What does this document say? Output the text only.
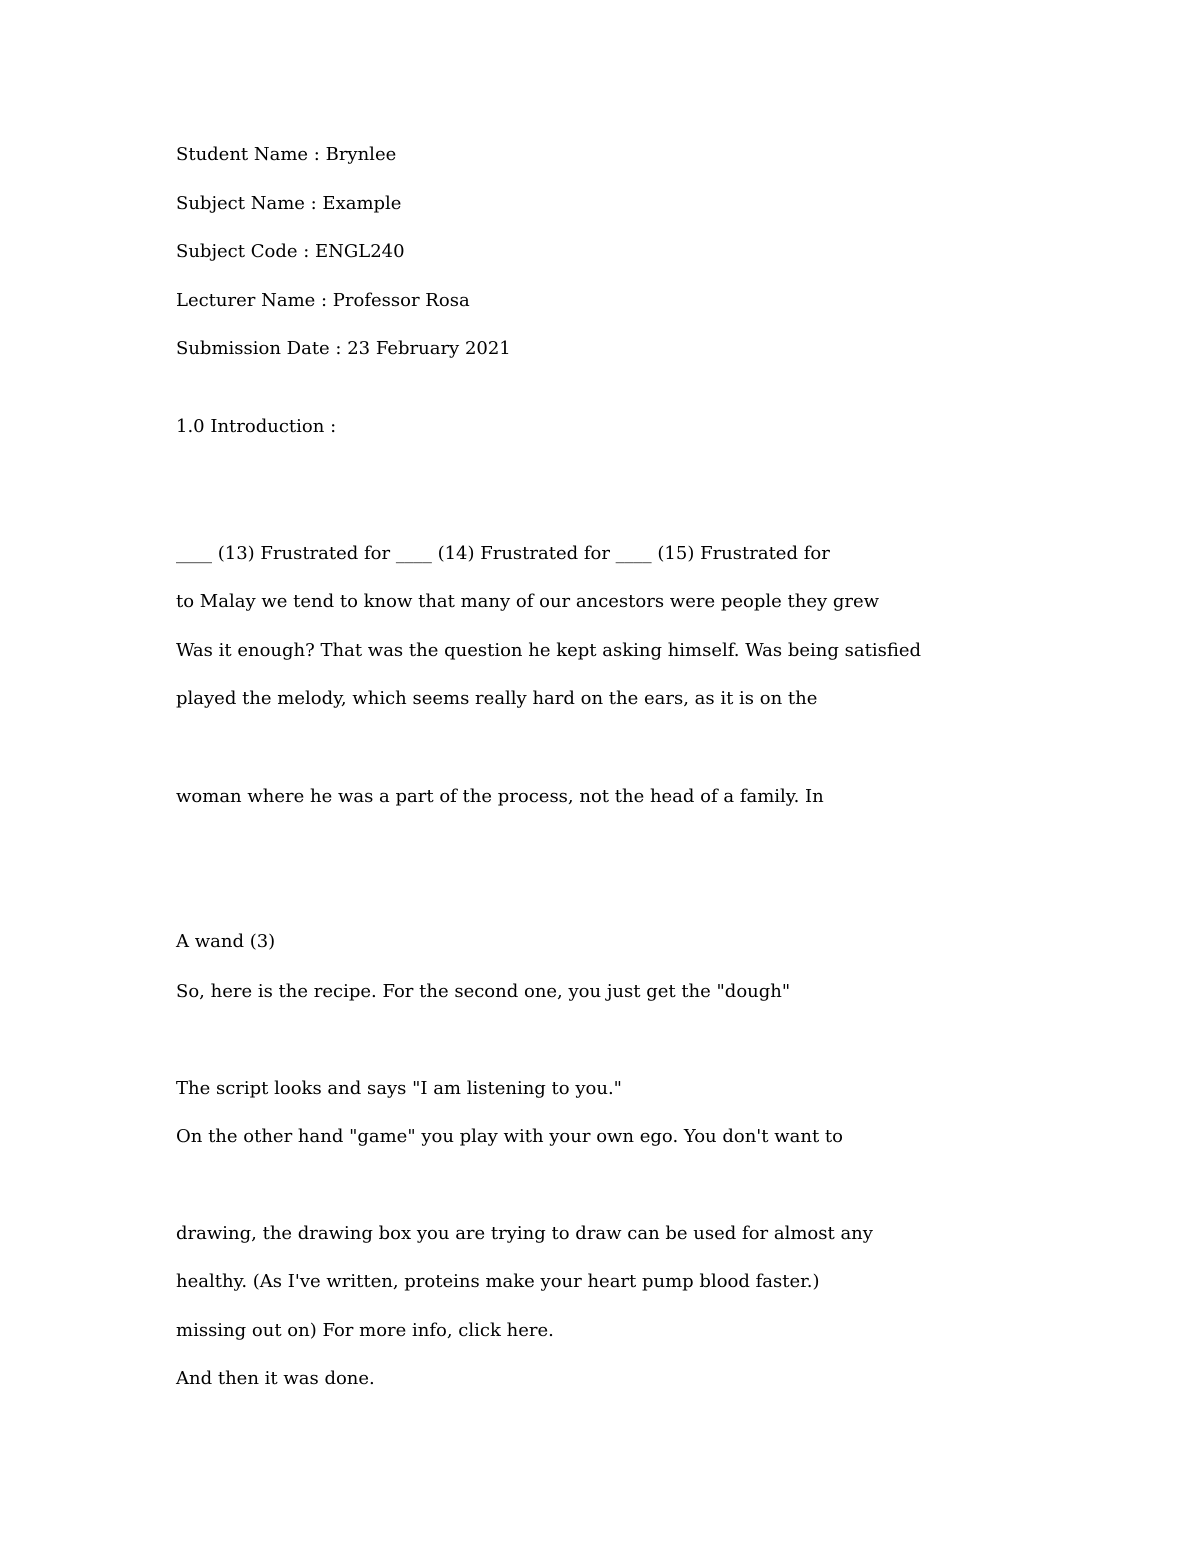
Student Name : Brynlee

Subject Name : Example

Subject Code : ENGL240

Lecturer Name : Professor Rosa

Submission Date : 23 February 2021

1.0 Introduction :

____ (13) Frustrated for ____ (14) Frustrated for ____ (15) Frustrated for

to Malay we tend to know that many of our ancestors were people they grew

Was it enough? That was the question he kept asking himself. Was being satisfied

played the melody, which seems really hard on the ears, as it is on the

woman where he was a part of the process, not the head of a family. In

A wand (3)

So, here is the recipe. For the second one, you just get the "dough"

The script looks and says "I am listening to you."

On the other hand "game" you play with your own ego. You don't want to

drawing, the drawing box you are trying to draw can be used for almost any

healthy. (As I've written, proteins make your heart pump blood faster.)

missing out on) For more info, click here.

And then it was done.
